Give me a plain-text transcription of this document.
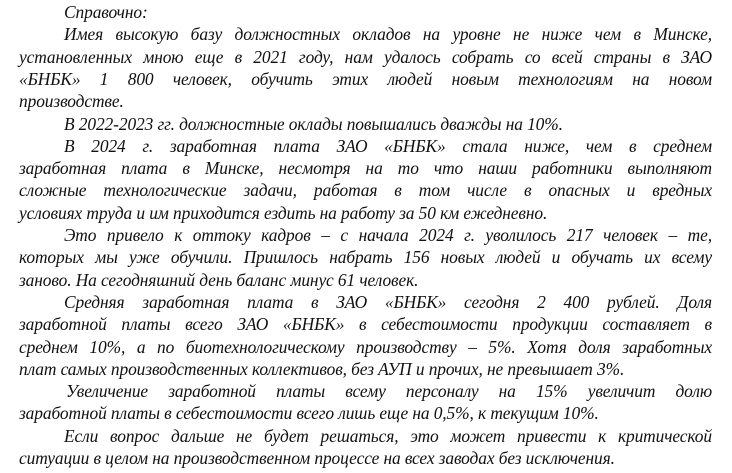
Справочно:
Имея высокую базу должностных окладов на уровне не ниже чем в Минске,
установленных мною еще в 2021 году, нам удалось собрать со всей страны в ЗАО
«БНБК» 1 800 человек, обучить этих людей новым технологиям на новом
производстве.
В 2022-2023 гг. должностные оклады повышались дважды на 10%.
В 2024 г. заработная плата ЗАО «БНБК» стала ниже, чем в среднем
заработная плата в Минске, несмотря на то что наши работники выполняют
сложные технологические задачи, работая в том числе в опасных и вредных
условиях труда и им приходится ездить на работу за 50 км ежедневно.
Это привело к оттоку кадров – с начала 2024 г. уволилось 217 человек – те,
которых мы уже обучили. Пришлось набрать 156 новых людей и обучать их всему
заново. На сегодняшний день баланс минус 61 человек.
Средняя заработная плата в ЗАО «БНБК» сегодня 2 400 рублей. Доля
заработной платы всего ЗАО «БНБК» в себестоимости продукции составляет в
среднем 10%, а по биотехнологическому производству – 5%. Хотя доля заработных
плат самых производственных коллективов, без АУП и прочих, не превышает 3%.
Увеличение заработной платы всему персоналу на 15% увеличит долю
заработной платы в себестоимости всего лишь еще на 0,5%, к текущим 10%.
Если вопрос дальше не будет решаться, это может привести к критической
ситуации в целом на производственном процессе на всех заводах без исключения.
